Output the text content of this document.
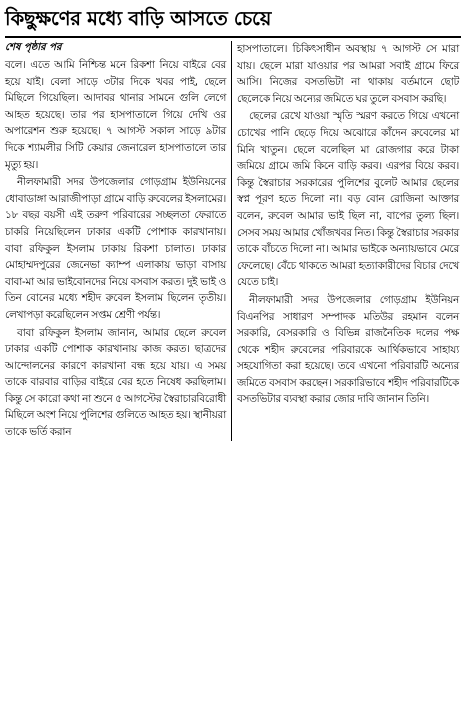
কিছুক্ষণের মধ্যে বাড়ি আসতে চেয়ে

শেষ পৃষ্ঠার পর

বলে। এতে আমি নিশ্চিন্ত মনে রিকশা নিয়ে বাইরে বের হয়ে যাই। বেলা সাড়ে ৩টার দিকে খবর পাই, ছেলে মিছিলে গিয়েছিল। আদাবর থানার সামনে গুলি লেগে আহত হয়েছে। তার পর হাসপাতালে গিয়ে দেখি ওর অপারেশন শুরু হয়েছে। ৭ আগস্ট সকাল সাড়ে ৯টার দিকে শ্যামলীর সিটি কেয়ার জেনারেল হাসপাতালে তার মৃত্যু হয়।

নীলফামারী সদর উপজেলার গোড়গ্রাম ইউনিয়নের ধোবাডাঙ্গা আরাজীপাড়া গ্রামে বাড়ি রুবেলের ইসলামের। ১৮ বছর বয়সী এই তরুণ পরিবারের সচ্ছলতা ফেরাতে চাকরি নিয়েছিলেন ঢাকার একটি পোশাক কারখানায়। বাবা রফিকুল ইসলাম ঢাকায় রিকশা চালাত। ঢাকার মোহাম্মদপুরের জেনেভা ক্যাম্প এলাকায় ভাড়া বাসায় বাবা-মা আর ভাইবোনদের নিয়ে বসবাস করত। দুই ভাই ও তিন বোনের মধ্যে শহীদ রুবেল ইসলাম ছিলেন তৃতীয়। লেখাপড়া করেছিলেন সপ্তম শ্রেণী পর্যন্ত।

বাবা রফিকুল ইসলাম জানান, আমার ছেলে রুবেল ঢাকার একটি পোশাক কারখানায় কাজ করত। ছাত্রদের আন্দোলনের কারণে কারখানা বন্ধ হয়ে যায়। এ সময় তাকে বারবার বাড়ির বাইরে বের হতে নিষেধ করছিলাম। কিন্তু সে কারো কথা না শুনে ৫ আগস্টের স্বৈরাচারবিরোধী মিছিলে অংশ নিয়ে পুলিশের গুলিতে আহত হয়। স্থানীয়রা তাকে ভর্তি করান

হাসপাতালে। চিকিৎসাধীন অবস্থায় ৭ আগস্ট সে মারা যায়। ছেলে মারা যাওয়ার পর আমরা সবাই গ্রামে ফিরে আসি। নিজের বসতভিটা না থাকায় বর্তমানে ছোট ছেলেকে নিয়ে অন্যের জমিতে ঘর তুলে বসবাস করছি।

ছেলের রেখে যাওয়া স্মৃতি স্মরণ করতে গিয়ে এখনো চোখের পানি ছেড়ে দিয়ে অঝোরে কাঁদেন রুবেলের মা মিনি খাতুন। ছেলে বলেছিল মা রোজগার করে টাকা জমিয়ে গ্রামে জমি কিনে বাড়ি করব। এরপর বিয়ে করব। কিন্তু স্বৈরাচার সরকারের পুলিশের বুলেট আমার ছেলের স্বপ্ন পূরণ হতে দিলো না। বড় বোন রোজিনা আক্তার বলেন, রুবেল আমার ভাই ছিল না, বাপের তুল্য ছিল। সেসব সময় আমার খোঁজখবর নিত। কিন্তু স্বৈরাচার সরকার তাকে বাঁচতে দিলো না। আমার ভাইকে অন্যায়ভাবে মেরে ফেলেছে। বেঁচে থাকতে আমরা হত্যাকারীদের বিচার দেখে যেতে চাই।

নীলফামারী সদর উপজেলার গোড়গ্রাম ইউনিয়ন বিএনপির সাধারণ সম্পাদক মতিউর রহমান বলেন সরকারি, বেসরকারি ও বিভিন্ন রাজনৈতিক দলের পক্ষ থেকে শহীদ রুবেলের পরিবারকে আর্থিকভাবে সাহায্য সহযোগিতা করা হয়েছে। তবে এখনো পরিবারটি অন্যের জমিতে বসবাস করছেন। সরকারিভাবে শহীদ পরিবারটিকে বসতভিটার ব্যবস্থা করার জোর দাবি জানান তিনি।
